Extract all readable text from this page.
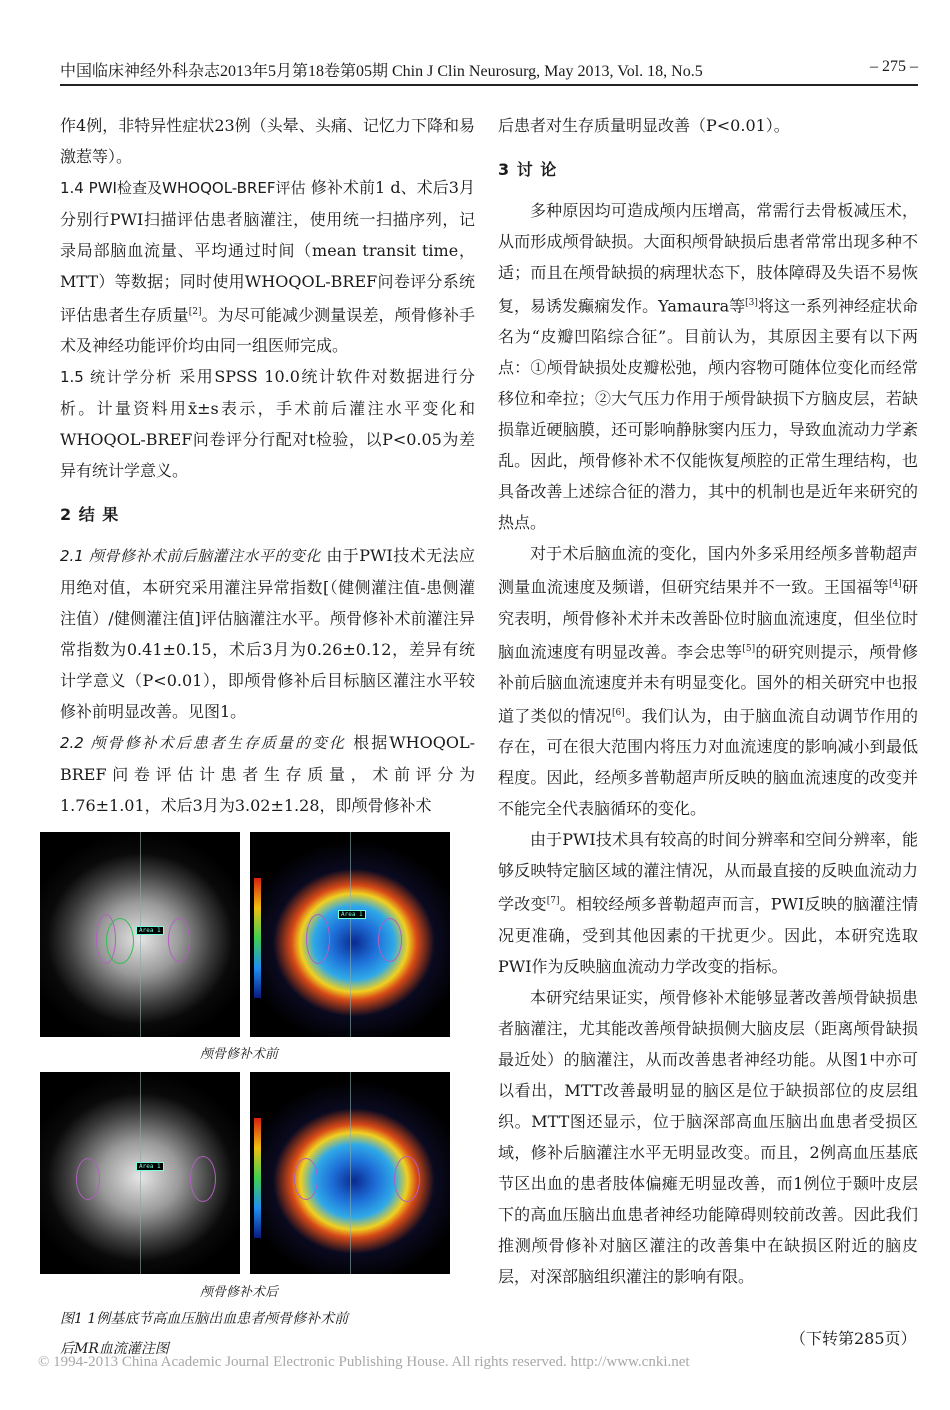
中国临床神经外科杂志2013年5月第18卷第05期 Chin J Clin Neurosurg, May 2013, Vol. 18, No.5	– 275 –

作4例，非特异性症状23例（头晕、头痛、记忆力下降和易激惹等）。

1.4 PWI检查及WHOQOL-BREF评估 修补术前1 d、术后3月分别行PWI扫描评估患者脑灌注，使用统一扫描序列，记录局部脑血流量、平均通过时间（mean transit time，MTT）等数据；同时使用WHOQOL-BREF问卷评分系统评估患者生存质量[2]。为尽可能减少测量误差，颅骨修补手术及神经功能评价均由同一组医师完成。

1.5 统计学分析 采用SPSS 10.0统计软件对数据进行分析。计量资料用x̄±s表示，手术前后灌注水平变化和WHOQOL-BREF问卷评分行配对t检验，以P<0.05为差异有统计学意义。

2 结 果

2.1 颅骨修补术前后脑灌注水平的变化 由于PWI技术无法应用绝对值，本研究采用灌注异常指数[（健侧灌注值-患侧灌注值）/健侧灌注值]评估脑灌注水平。颅骨修补术前灌注异常指数为0.41±0.15，术后3月为0.26±0.12，差异有统计学意义（P<0.01），即颅骨修补后目标脑区灌注水平较修补前明显改善。见图1。

2.2 颅骨修补术后患者生存质量的变化 根据WHOQOL-BREF问卷评估计患者生存质量，术前评分为1.76±1.01，术后3月为3.02±1.28，即颅骨修补术

Area 1
Area 1
颅骨修补术前
Area 1
颅骨修补术后
图1 1例基底节高血压脑出血患者颅骨修补术前
后MR血流灌注图

后患者对生存质量明显改善（P<0.01）。

3 讨 论

多种原因均可造成颅内压增高，常需行去骨板减压术，从而形成颅骨缺损。大面积颅骨缺损后患者常常出现多种不适；而且在颅骨缺损的病理状态下，肢体障碍及失语不易恢复，易诱发癫痫发作。Yamaura等[3]将这一系列神经症状命名为“皮瓣凹陷综合征”。目前认为，其原因主要有以下两点：①颅骨缺损处皮瓣松弛，颅内容物可随体位变化而经常移位和牵拉；②大气压力作用于颅骨缺损下方脑皮层，若缺损靠近硬脑膜，还可影响静脉窦内压力，导致血流动力学紊乱。因此，颅骨修补术不仅能恢复颅腔的正常生理结构，也具备改善上述综合征的潜力，其中的机制也是近年来研究的热点。

对于术后脑血流的变化，国内外多采用经颅多普勒超声测量血流速度及频谱，但研究结果并不一致。王国福等[4]研究表明，颅骨修补术并未改善卧位时脑血流速度，但坐位时脑血流速度有明显改善。李会忠等[5]的研究则提示，颅骨修补前后脑血流速度并未有明显变化。国外的相关研究中也报道了类似的情况[6]。我们认为，由于脑血流自动调节作用的存在，可在很大范围内将压力对血流速度的影响减小到最低程度。因此，经颅多普勒超声所反映的脑血流速度的改变并不能完全代表脑循环的变化。

由于PWI技术具有较高的时间分辨率和空间分辨率，能够反映特定脑区域的灌注情况，从而最直接的反映血流动力学改变[7]。相较经颅多普勒超声而言，PWI反映的脑灌注情况更准确，受到其他因素的干扰更少。因此，本研究选取PWI作为反映脑血流动力学改变的指标。

本研究结果证实，颅骨修补术能够显著改善颅骨缺损患者脑灌注，尤其能改善颅骨缺损侧大脑皮层（距离颅骨缺损最近处）的脑灌注，从而改善患者神经功能。从图1中亦可以看出，MTT改善最明显的脑区是位于缺损部位的皮层组织。MTT图还显示，位于脑深部高血压脑出血患者受损区域，修补后脑灌注水平无明显改变。而且，2例高血压基底节区出血的患者肢体偏瘫无明显改善，而1例位于颞叶皮层下的高血压脑出血患者神经功能障碍则较前改善。因此我们推测颅骨修补对脑区灌注的改善集中在缺损区附近的脑皮层，对深部脑组织灌注的影响有限。

（下转第285页）
© 1994-2013 China Academic Journal Electronic Publishing House. All rights reserved. http://www.cnki.net
